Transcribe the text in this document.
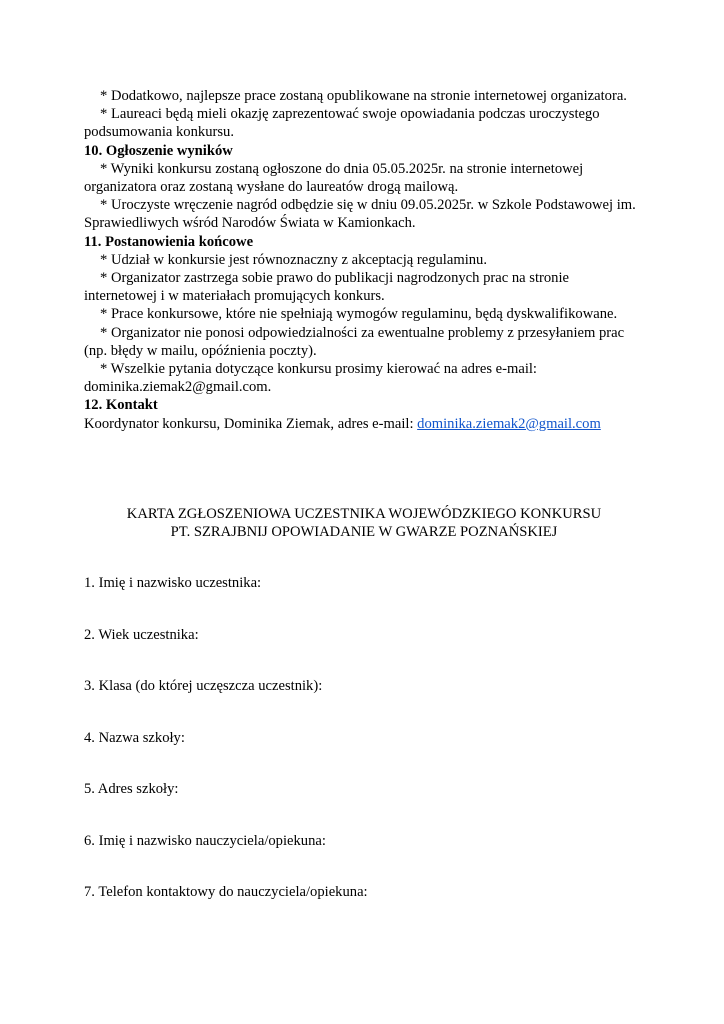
* Dodatkowo, najlepsze prace zostaną opublikowane na stronie internetowej organizatora.

* Laureaci będą mieli okazję zaprezentować swoje opowiadania podczas uroczystego podsumowania konkursu.

10. Ogłoszenie wyników

* Wyniki konkursu zostaną ogłoszone do dnia 05.05.2025r. na stronie internetowej organizatora oraz zostaną wysłane do laureatów drogą mailową.

* Uroczyste wręczenie nagród odbędzie się w dniu 09.05.2025r. w Szkole Podstawowej im. Sprawiedliwych wśród Narodów Świata w Kamionkach.

11. Postanowienia końcowe

* Udział w konkursie jest równoznaczny z akceptacją regulaminu.

* Organizator zastrzega sobie prawo do publikacji nagrodzonych prac na stronie internetowej i w materiałach promujących konkurs.

* Prace konkursowe, które nie spełniają wymogów regulaminu, będą dyskwalifikowane.

* Organizator nie ponosi odpowiedzialności za ewentualne problemy z przesyłaniem prac (np. błędy w mailu, opóźnienia poczty).

* Wszelkie pytania dotyczące konkursu prosimy kierować na adres e-mail: dominika.ziemak2@gmail.com.

12. Kontakt

Koordynator konkursu, Dominika Ziemak, adres e-mail: dominika.ziemak2@gmail.com

KARTA ZGŁOSZENIOWA UCZESTNIKA WOJEWÓDZKIEGO KONKURSU

PT. SZRAJBNIJ OPOWIADANIE W GWARZE POZNAŃSKIEJ

1. Imię i nazwisko uczestnika:

2. Wiek uczestnika:

3. Klasa (do której uczęszcza uczestnik):

4. Nazwa szkoły:

5. Adres szkoły:

6. Imię i nazwisko nauczyciela/opiekuna:

7. Telefon kontaktowy do nauczyciela/opiekuna:
